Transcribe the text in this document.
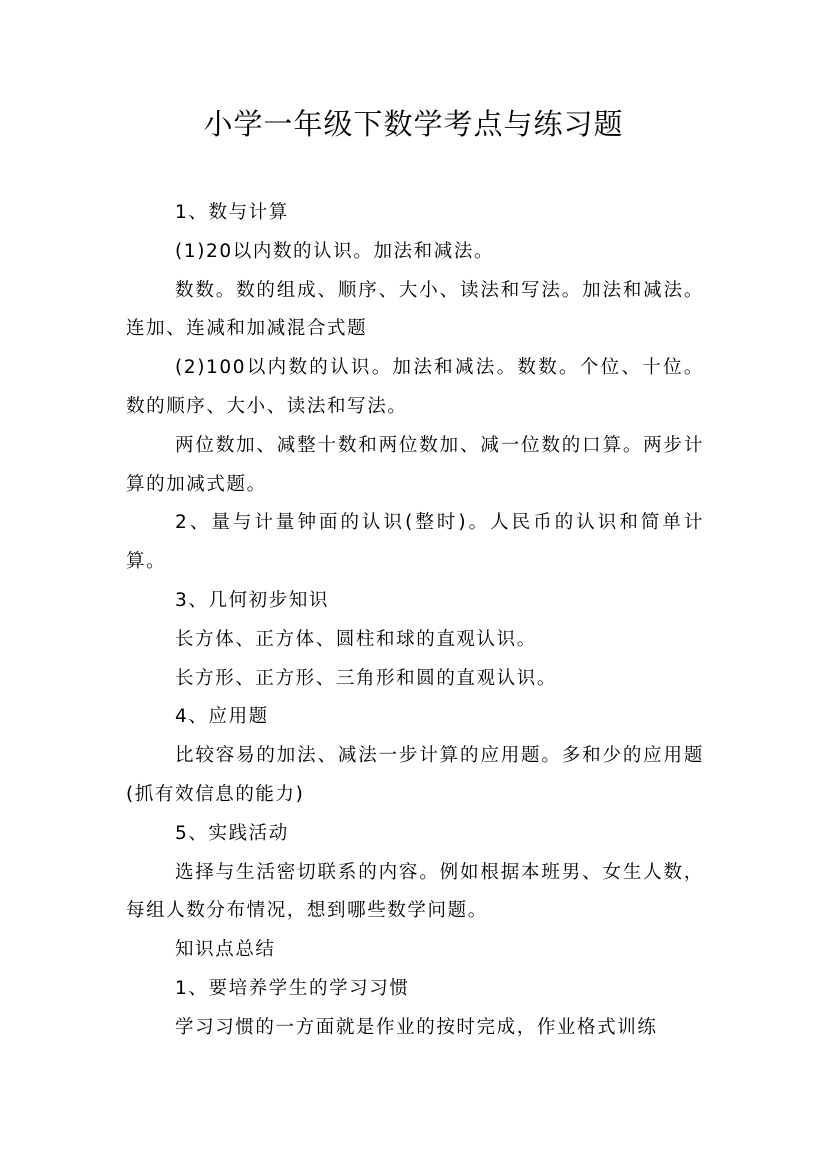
小学一年级下数学考点与练习题

1、数与计算

(1)20以内数的认识。加法和减法。

数数。数的组成、顺序、大小、读法和写法。加法和减法。连加、连减和加减混合式题

(2)100以内数的认识。加法和减法。数数。个位、十位。数的顺序、大小、读法和写法。

两位数加、减整十数和两位数加、减一位数的口算。两步计算的加减式题。

2、量与计量钟面的认识(整时)。人民币的认识和简单计算。

3、几何初步知识

长方体、正方体、圆柱和球的直观认识。

长方形、正方形、三角形和圆的直观认识。

4、应用题

比较容易的加法、减法一步计算的应用题。多和少的应用题(抓有效信息的能力)

5、实践活动

选择与生活密切联系的内容。例如根据本班男、女生人数，每组人数分布情况，想到哪些数学问题。

知识点总结

1、要培养学生的学习习惯

学习习惯的一方面就是作业的按时完成，作业格式训练
